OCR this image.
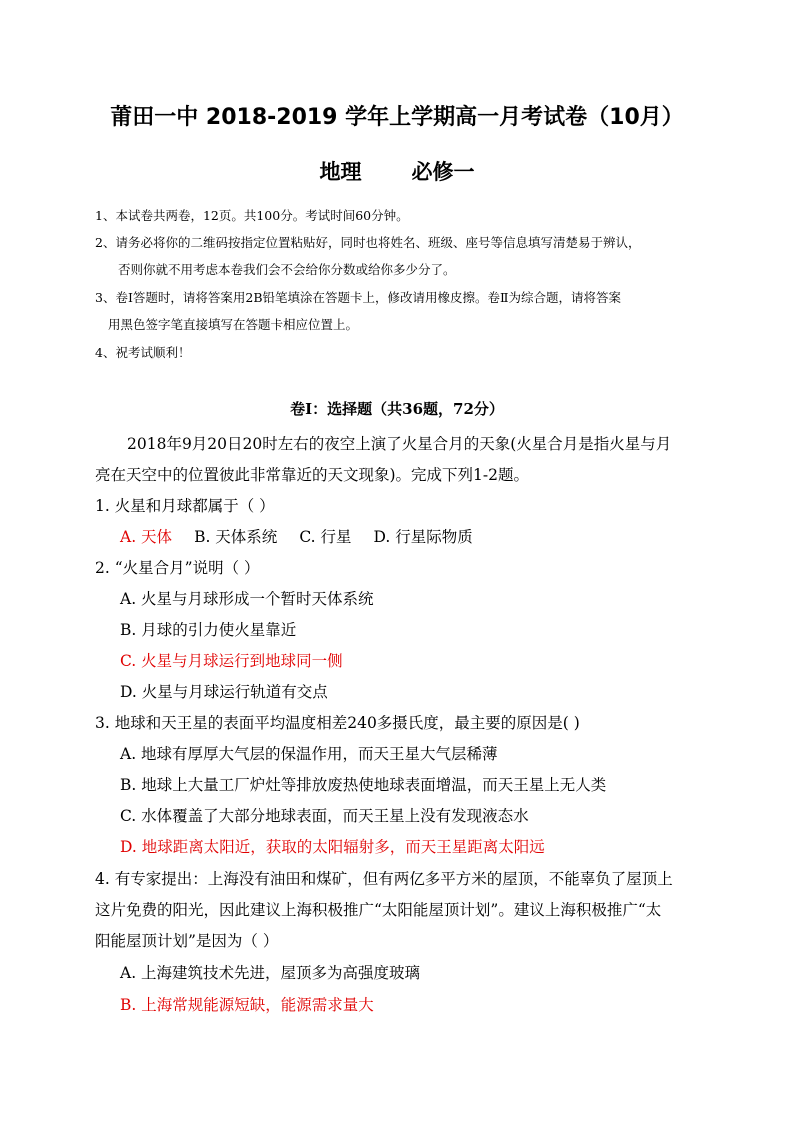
莆田一中 2018-2019 学年上学期高一月考试卷（10月）
地理 必修一
1、本试卷共两卷，12页。共100分。考试时间60分钟。
2、请务必将你的二维码按指定位置粘贴好，同时也将姓名、班级、座号等信息填写清楚易于辨认，
否则你就不用考虑本卷我们会不会给你分数或给你多少分了。
3、卷Ⅰ答题时，请将答案用2B铅笔填涂在答题卡上，修改请用橡皮擦。卷Ⅱ为综合题，请将答案
用黑色签字笔直接填写在答题卡相应位置上。
4、祝考试顺利！
卷Ⅰ：选择题（共36题，72分）
2018年9月20日20时左右的夜空上演了火星合月的天象(火星合月是指火星与月
亮在天空中的位置彼此非常靠近的天文现象)。完成下列1-2题。
1. 火星和月球都属于（ ）
A. 天体 B. 天体系统 C. 行星 D. 行星际物质
2. “火星合月”说明（ ）
A. 火星与月球形成一个暂时天体系统
B. 月球的引力使火星靠近
C. 火星与月球运行到地球同一侧
D. 火星与月球运行轨道有交点
3. 地球和天王星的表面平均温度相差240多摄氏度，最主要的原因是( )
A. 地球有厚厚大气层的保温作用，而天王星大气层稀薄
B. 地球上大量工厂炉灶等排放废热使地球表面增温，而天王星上无人类
C. 水体覆盖了大部分地球表面，而天王星上没有发现液态水
D. 地球距离太阳近，获取的太阳辐射多，而天王星距离太阳远
4. 有专家提出：上海没有油田和煤矿，但有两亿多平方米的屋顶，不能辜负了屋顶上
这片免费的阳光，因此建议上海积极推广“太阳能屋顶计划”。建议上海积极推广“太
阳能屋顶计划”是因为（ ）
A. 上海建筑技术先进，屋顶多为高强度玻璃
B. 上海常规能源短缺，能源需求量大
